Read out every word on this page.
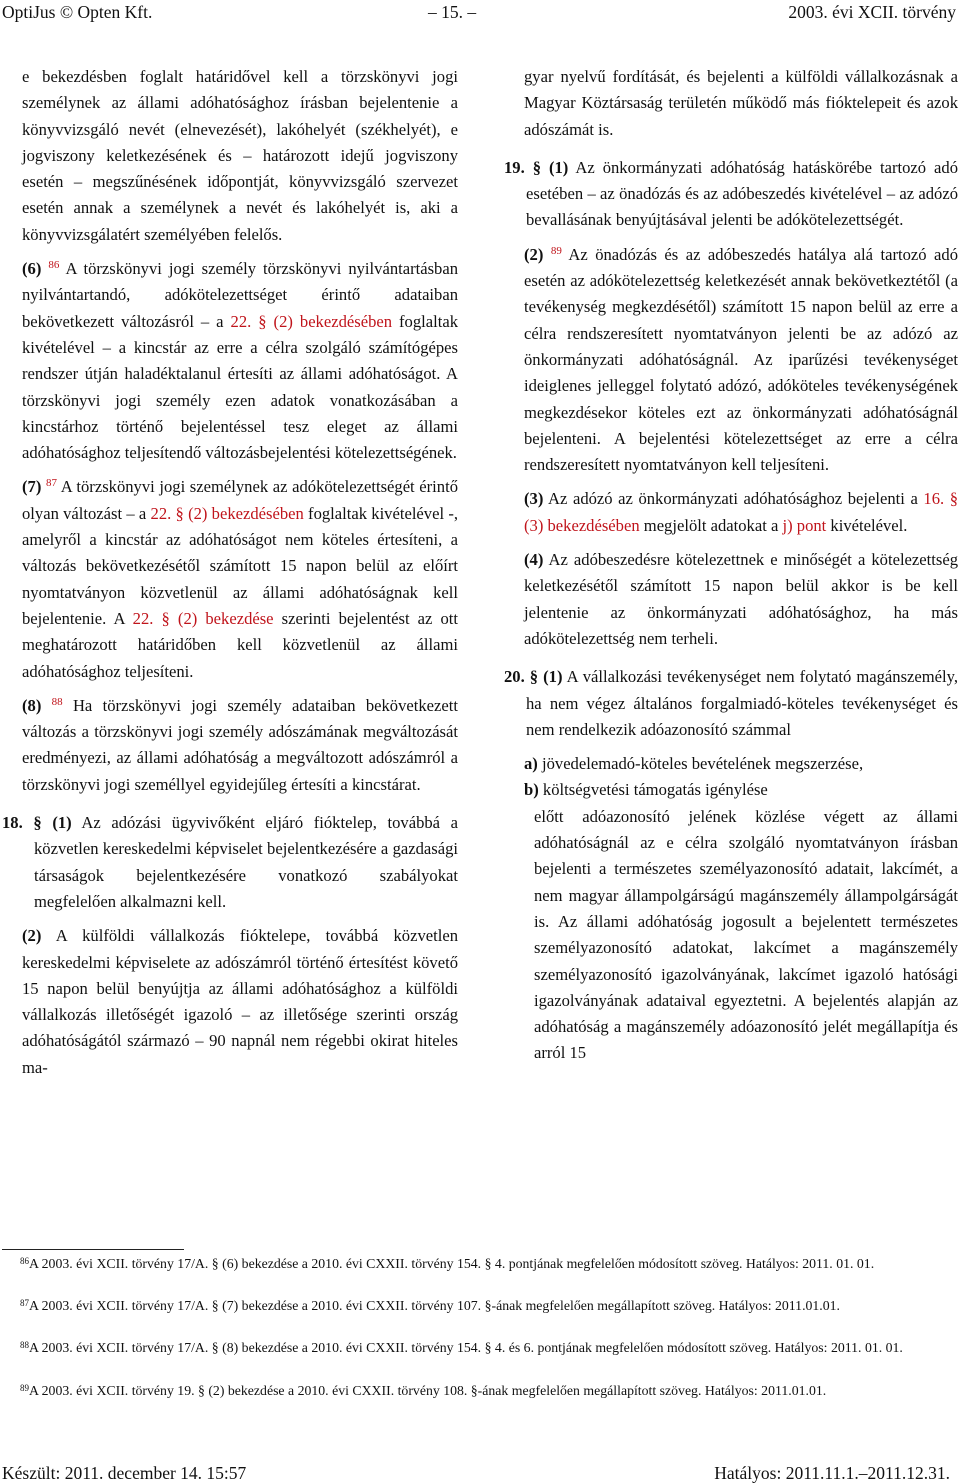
OptiJus © Opten Kft.	– 15. –	2003. évi XCII. törvény

e bekezdésben foglalt határidővel kell a törzskönyvi jogi személynek az állami adóhatósághoz írásban bejelentenie a könyvvizsgáló nevét (elnevezését), lakóhelyét (székhelyét), e jogviszony keletkezésének és – határozott idejű jogviszony esetén – megszűnésének időpontját, könyvvizsgáló szervezet esetén annak a személynek a nevét és lakóhelyét is, aki a könyvvizsgálatért személyében felelős.

(6) $^{86}$ A törzskönyvi jogi személy törzskönyvi nyilvántartásban nyilvántartandó, adókötelezettséget érintő adataiban bekövetkezett változásról – a 22. § (2) bekezdésében foglaltak kivételével – a kincstár az erre a célra szolgáló számítógépes rendszer útján haladéktalanul értesíti az állami adóhatóságot. A törzskönyvi jogi személy ezen adatok vonatkozásában a kincstárhoz történő bejelentéssel tesz eleget az állami adóhatósághoz teljesítendő változásbejelentési kötelezettségének.

(7) $^{87}$ A törzskönyvi jogi személynek az adókötelezettségét érintő olyan változást – a 22. § (2) bekezdésében foglaltak kivételével -, amelyről a kincstár az adóhatóságot nem köteles értesíteni, a változás bekövetkezésétől számított 15 napon belül az előírt nyomtatványon közvetlenül az állami adóhatóságnak kell bejelentenie. A 22. § (2) bekezdése szerinti bejelentést az ott meghatározott határidőben kell közvetlenül az állami adóhatósághoz teljesíteni.

(8) $^{88}$ Ha törzskönyvi jogi személy adataiban bekövetkezett változás a törzskönyvi jogi személy adószámának megváltozását eredményezi, az állami adóhatóság a megváltozott adószámról a törzskönyvi jogi személlyel egyidejűleg értesíti a kincstárat.

18. § (1) Az adózási ügyvivőként eljáró fióktelep, továbbá a közvetlen kereskedelmi képviselet bejelentkezésére a gazdasági társaságok bejelentkezésére vonatkozó szabályokat megfelelően alkalmazni kell.

(2) A külföldi vállalkozás fióktelepe, továbbá közvetlen kereskedelmi képviselete az adószámról történő értesítést követő 15 napon belül benyújtja az állami adóhatósághoz a külföldi vállalkozás illetőségét igazoló – az illetősége szerinti ország adóhatóságától származó – 90 napnál nem régebbi okirat hiteles ma-

gyar nyelvű fordítását, és bejelenti a külföldi vállalkozásnak a Magyar Köztársaság területén működő más fióktelepeit és azok adószámát is.

19. § (1) Az önkormányzati adóhatóság hatáskörébe tartozó adó esetében – az önadózás és az adóbeszedés kivételével – az adózó bevallásának benyújtásával jelenti be adókötelezettségét.

(2) $^{89}$ Az önadózás és az adóbeszedés hatálya alá tartozó adó esetén az adókötelezettség keletkezését annak bekövetkeztétől (a tevékenység megkezdésétől) számított 15 napon belül az erre a célra rendszeresített nyomtatványon jelenti be az adózó az önkormányzati adóhatóságnál. Az iparűzési tevékenységet ideiglenes jelleggel folytató adózó, adóköteles tevékenységének megkezdésekor köteles ezt az önkormányzati adóhatóságnál bejelenteni. A bejelentési kötelezettséget az erre a célra rendszeresített nyomtatványon kell teljesíteni.

(3) Az adózó az önkormányzati adóhatósághoz bejelenti a 16. § (3) bekezdésében megjelölt adatokat a j) pont kivételével.

(4) Az adóbeszedésre kötelezettnek e minőségét a kötelezettség keletkezésétől számított 15 napon belül akkor is be kell jelentenie az önkormányzati adóhatósághoz, ha más adókötelezettség nem terheli.

20. § (1) A vállalkozási tevékenységet nem folytató magánszemély, ha nem végez általános forgalmiadó-köteles tevékenységet és nem rendelkezik adóazonosító számmal

a) jövedelemadó-köteles bevételének megszerzése,
b) költségvetési támogatás igénylése

előtt adóazonosító jelének közlése végett az állami adóhatóságnál az e célra szolgáló nyomtatványon írásban bejelenti a természetes személyazonosító adatait, lakcímét, a nem magyar állampolgárságú magánszemély állampolgárságát is. Az állami adóhatóság jogosult a bejelentett természetes személyazonosító adatokat, lakcímet a magánszemély személyazonosító igazolványának, lakcímet igazoló hatósági igazolványának adataival egyeztetni. A bejelentés alapján az adóhatóság a magánszemély adóazonosító jelét megállapítja és arról 15

$^{86}$A 2003. évi XCII. törvény 17/A. § (6) bekezdése a 2010. évi CXXII. törvény 154. § 4. pontjának megfelelően módosított szöveg. Hatályos: 2011. 01. 01.
$^{87}$A 2003. évi XCII. törvény 17/A. § (7) bekezdése a 2010. évi CXXII. törvény 107. §-ának megfelelően megállapított szöveg. Hatályos: 2011.01.01.
$^{88}$A 2003. évi XCII. törvény 17/A. § (8) bekezdése a 2010. évi CXXII. törvény 154. § 4. és 6. pontjának megfelelően módosított szöveg. Hatályos: 2011. 01. 01.
$^{89}$A 2003. évi XCII. törvény 19. § (2) bekezdése a 2010. évi CXXII. törvény 108. §-ának megfelelően megállapított szöveg. Hatályos: 2011.01.01.
Készült: 2011. december 14. 15:57	Hatályos: 2011.11.1.–2011.12.31.
